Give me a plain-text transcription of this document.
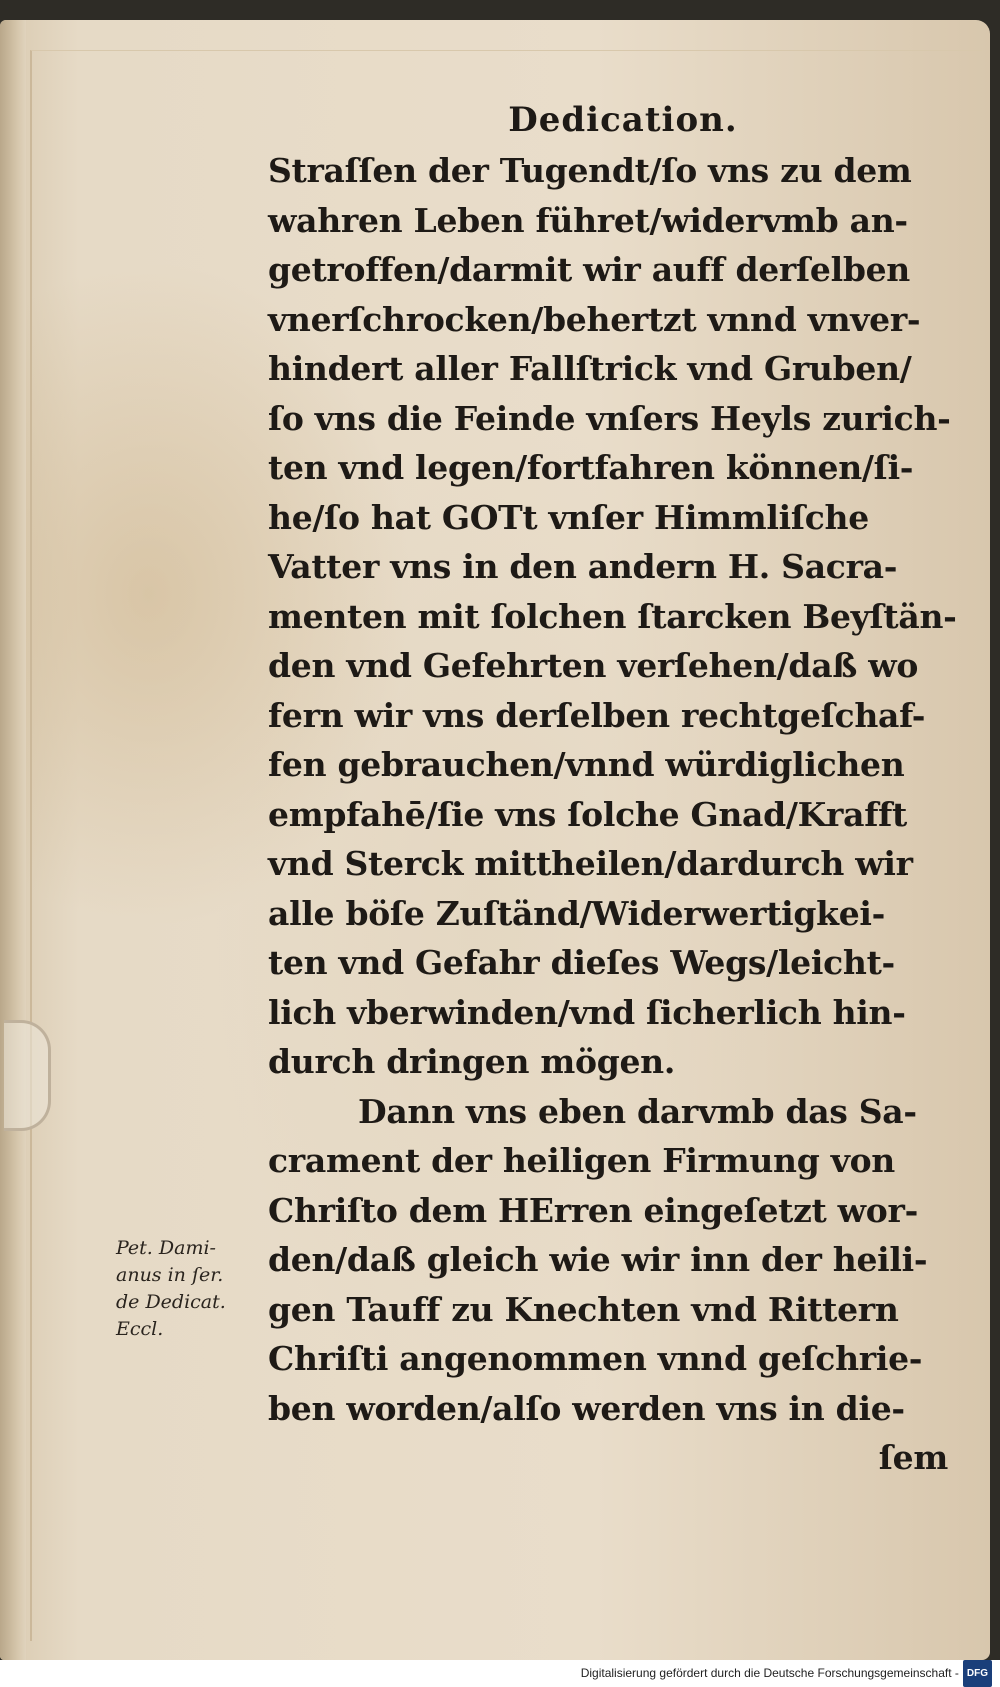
Dedication.
Straſſen der Tugendt/ſo vns zu dem
wahren Leben führet/widervmb an-
getroffen/darmit wir auff derſelben
vnerſchrocken/behertzt vnnd vnver-
hindert aller Fallſtrick vnd Gruben/
ſo vns die Feinde vnſers Heyls zurich-
ten vnd legen/fortfahren können/ſi-
he/ſo hat GOTt vnſer Himmliſche
Vatter vns in den andern H. Sacra-
menten mit ſolchen ſtarcken Beyſtän-
den vnd Gefehrten verſehen/daß wo
fern wir vns derſelben rechtgeſchaf-
fen gebrauchen/vnnd würdiglichen
empfahē/ſie vns ſolche Gnad/Krafft
vnd Sterck mittheilen/dardurch wir
alle böſe Zuſtänd/Widerwertigkei-
ten vnd Gefahr dieſes Wegs/leicht-
lich vberwinden/vnd ſicherlich hin-
durch dringen mögen.
Dann vns eben darvmb das Sa-
crament der heiligen Firmung von
Chriſto dem HErren eingeſetzt wor-
den/daß gleich wie wir inn der heili-
gen Tauff zu Knechten vnd Rittern
Chriſti angenommen vnnd geſchrie-
ben worden/alſo werden vns in die-
ſem
Pet. Dami-
anus in ſer.
de Dedicat.
Eccl.
Digitalisierung gefördert durch die Deutsche Forschungsgemeinschaft - DFG
